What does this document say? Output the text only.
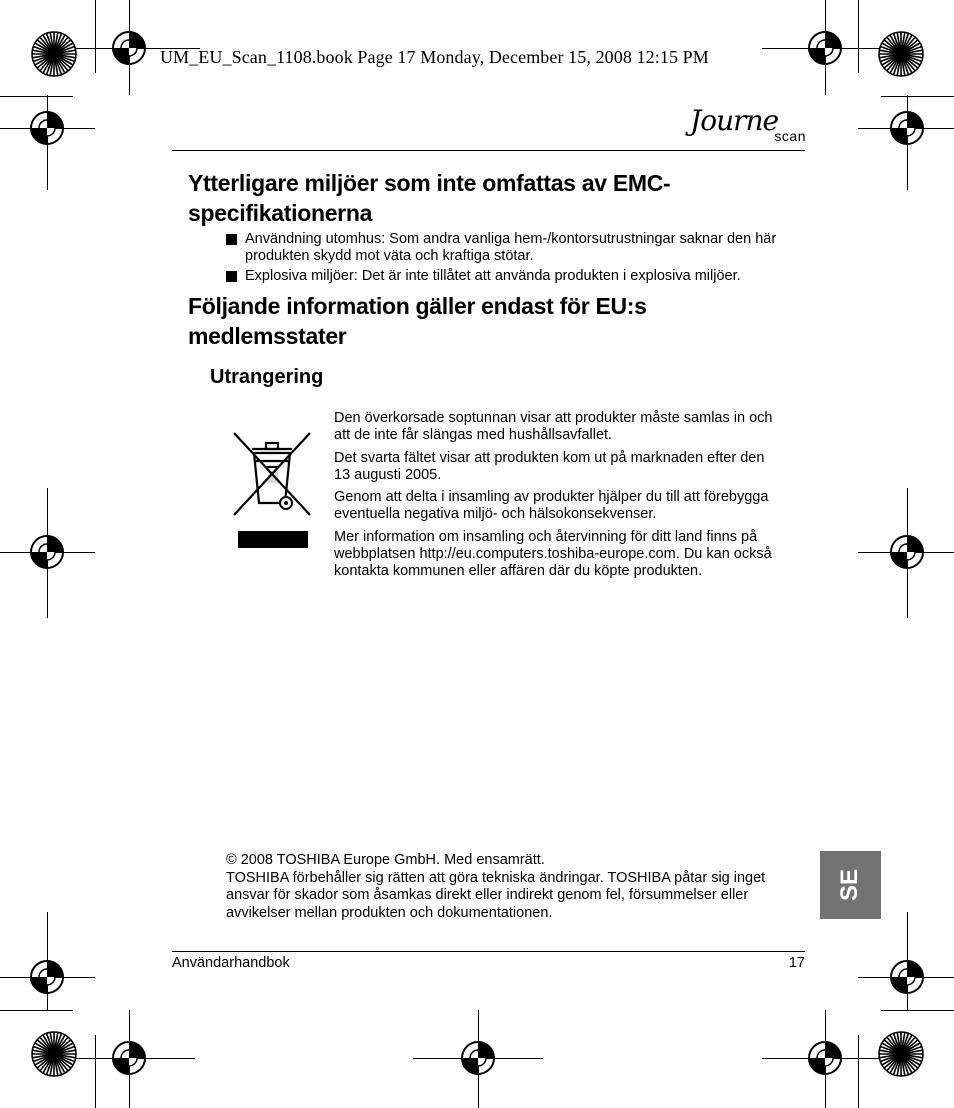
UM_EU_Scan_1108.book Page 17 Monday, December 15, 2008 12:15 PM
Journe
scan
Ytterligare miljöer som inte omfattas av EMC-
specifikationerna
Användning utomhus: Som andra vanliga hem-/kontorsutrustningar saknar den här produkten skydd mot väta och kraftiga stötar.
Explosiva miljöer: Det är inte tillåtet att använda produkten i explosiva miljöer.
Följande information gäller endast för EU:s
medlemsstater
Utrangering

Den överkorsade soptunnan visar att produkter måste samlas in och att de inte får slängas med hushållsavfallet.

Det svarta fältet visar att produkten kom ut på marknaden efter den 13 augusti 2005.

Genom att delta i insamling av produkter hjälper du till att förebygga eventuella negativa miljö- och hälsokonsekvenser.

Mer information om insamling och återvinning för ditt land finns på webbplatsen http://eu.computers.toshiba-europe.com. Du kan också kontakta kommunen eller affären där du köpte produkten.

© 2008 TOSHIBA Europe GmbH. Med ensamrätt.

TOSHIBA förbehåller sig rätten att göra tekniska ändringar. TOSHIBA påtar sig inget ansvar för skador som åsamkas direkt eller indirekt genom fel, försummelser eller avvikelser mellan produkten och dokumentationen.

SE
Användarhandbok	17
